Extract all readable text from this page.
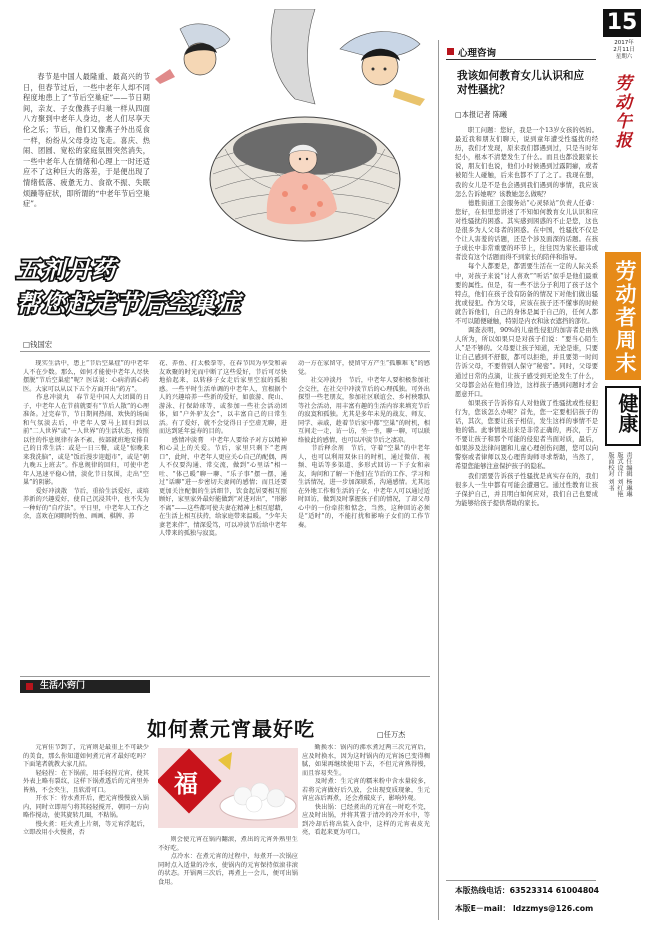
春节是中国人最隆重、最高兴的节日，但春节过后，一些中老年人却不同程度地患上了“节后空巢症”——节日期间，亲友、子女像燕子归巢一样从四面八方聚到中老年人身边，老人们尽享天伦之乐；节后，他们又像燕子外出觅食一样，纷纷从父母身边飞走。喜庆、热闹、团圆、宽松的家庭氛围突然消失，一些中老年人在情绪和心理上一时还适应不了这种巨大的落差，于是便出现了情绪低落、疲惫无力、食欲不振、失眠烦躁等症状，即所谓的“中老年节后空巢症”。
五剂丹药
帮您赶走节后空巢症
□钱国宏
现实生活中，患上“节后空巢症”的中老年人不在少数。那么，如何才能使中老年人尽快摆脱“节后空巢症”呢？医话说：心病消需心药医。大家可以从以下五个方面开出“药方”。
　　作息冲淡丸　春节是中国人大团圆的日子，中老年人在节前就要有“节后人散”的心理准备。过完春节，节日期间热闹、欢快的场面和气氛淡去后，中老年人要马上回归到以前“二人世界”或“一人世界”的生活状态，按照以往的作息规律有条不紊、按部就班地安排自己的日常生活：或是一日三餐，或是“惊晚来来我洗脑”，或是“饭后漫步迎超市”，或是“朝九晚五上班去”。作息规律的回归，可使中老年人迅速平稳心情，淡化节日氛围，走出“空巢”的阴影。
　　爱好冲淡散　节后，重拾生活爱好，或培养新的兴趣爱好，使自己沉浸其中，也不失为一种好的“自疗法”。平日里，中老年人工作之余，喜欢在闲暇时钓鱼、画画、棋牌、养
花、养鱼、打太极拳等，在春节因为享受和亲友欢聚的时光而中断了这些爱好，节后可尽快地拾起来，以转移子女走后家里空寂的孤独感。一些平时生活单调的中老年人，宜根据个人的兴趣培养一些新的爱好，如旅游、爬山、游泳、打保龄球等，或参加一些社会活动团体，如“户外驴友会”，以丰富自己的日常生活。有了爱好，就不会觉得日子空虚无聊，进而达到延年益寿的目的。
　　感情冲淡膏　中老年人要给予对方以精神和心灵上的关爱。节后，家里只剩下“老两口”，此时，中老年人更应关心自己的配偶，两人不仅要沟通、常交流，做到“心里话”相一吐、“体己暖”聊一聊、“乐子事”摆一摆，通过“话聊”进一步密切夫妻间的感情；而且还要更加关注配偶的生活细节，饮食起居要相互照顾好，家里家外最好能做到“对进对出”，“形影不离”——这些都可使夫妻在精神上相互慰藉，在生活上相互扶持，给家庭带来温暖。“少年夫妻老来伴”，情深爱笃，可以冲淡节后给中老年人带来的孤独与寂寞。
动一方在家留守，使留守方产生“孤雁难飞”的感觉。
　　社交冲淡丹　节后，中老年人要积极参加社会交往，在社交中冲淡节后的心理孤独。可外出探望一些老朋友，参加社区联谊会、乡村秧歌队等社会活动，用丰富有趣的生活内容来填充节后的寂寞和孤独。尤其是多年未见的战友、师友、同学、亲戚，趁着节后家中都“空巢”的时机，相互间走一走，访一访，坐一坐，聊一聊，可以联络彼此的感情，也可以冲淡节后之凄凉。
　　节后释余剂　节后，守着“空巢”的中老年人，也可以利用双休日的时机，通过微信、视频、电话等多渠道、多形式回访一下子女和亲友，询问和了解一下他们在节后的工作、学习和生活情况，进一步加深联系，沟通感情。尤其远在外地工作和生活的子女，中老年人可以通过适时回访，做到及时掌握孩子们的情况，了却父母心中的一份牵挂和惦念，当然，这种回访必须是“适时”的，不能打扰和影响子女们的工作节奏。
生活小窍门
如何煮元宵最好吃	□任万杰
元宵佳节到了，元宵则是最重上不可缺少的美食，那么你知道如何煮元宵才最好吃吗？下面笔者就教大家几招。
　　轻轻捏：在下锅前，用手轻捏元宵，使其外表上略有裂纹，这样下锅煮透后的元宵里外皆熟，不会夹生，且软滑可口。
　　开水下：待水煮开后，把元宵慢慢放入锅内，同时立即用勺将其轻轻搅开，朝同一方向略作搅动，使其旋转几圈，不粘锅。
　　慢火煮：旺火煮上片刻，等元宵浮起后，立即改用小火慢煮，否
福
则会使元宵在锅内翻滚，煮出的元宵外熟里生不好吃。
　　点冷水：在煮元宵的过程中，每煮开一次锅应同时点入适量的冷水，使锅内的元宵保持似滚非滚的状态。开锅两三次后，再煮上一会儿，便可出锅食用。
勤换水：锅内的沸水煮过两三次元宵后，应及时换水，因为这时锅内的元宵汤已变得稠腻，如果再继续使用下去，不但元宵熟得慢，而且容易夹生。
　　及时煮：生元宵的糯米粉中含水量较多，若将元宵做好后久放，会出现变质现象，生元宵应冻后再煮，还会煮破皮子，影响外观。
　　快出锅：已经煮出的元宵在一时吃不完，应及时出锅，并将其置于清冷的冷开水中，等到冷却后将出装入食中，这样的元宵表皮光亮，看起来更为可口。
心理咨询
我该如何教育女儿认识和应对性骚扰？
□本报记者 陈曦
　　职工问题：您好，我是一个13岁女孩的妈妈。最近我和朋友们聊天，说到童年遭受性骚扰的经历，我们才发现，原来我们都遇到过，只是当时年纪小，根本不清楚发生了什么。而且也都没跟家长说，朋友们也说，他们小时候遇到过露阴癖，或者被陌生人碰触，后来也都不了了之了。我现在想，我的女儿是不是也会遇到我们遇到的事情，我应该怎么告诉她呢？该教她怎么做呢？
　　德胜街道工会服务站“心灵驿站”负责人任睿：您好，在但里您讲述了不知如何教育女儿认识和应对性骚扰的困惑。其实感到困惑的不止是您，这也是很多为人父母者的困惑。在中国，性骚扰不仅是个让人害羞的话题，还是个涉及面深的话题。在孩子成长中非常重要的环节上，往往因为家长避讳或者没有这个话题而得不到家长的陪伴和指导。
　　每个人都要是，都需要生活在一定的人际关系中，对孩子来说“讨人喜欢”“听话”似乎是他们最重要的属性。但是，有一些不法分子利用了孩子这个特点，他们在孩子没有防备的情况下对他们做出骚扰或侵犯。作为父母，应该在孩子还不懂事的时候就告诉他们，自己的身体是属于自己的，任何人都不可以随便碰触，特别是内衣和泳衣遮挡的部位。
　　调查表明，90%的儿童性侵犯的加害者是由熟人所为，所以如果只是对孩子们说：“要当心陌生人”是不够的。父母要让孩子知道，无论是谁，只要让自己感到不舒服，都可以拒绝，并且要第一时间告诉父母，不要替别人保守“秘密”。同时，父母要通过日常的点滴，让孩子感受到无论发生了什么，父母都会站在他们身边，这样孩子遇到问题时才会愿意开口。
　　如果孩子告诉你有人对他做了性骚扰或性侵犯行为，您该怎么办呢？首先，您一定要相信孩子的话，其次，您要让孩子相信，发生这样的事情不是他的错。此事情说出来是非常正确的，再次，于万不要让孩子和那个可能的侵犯者当面对质，最后，如果涉及法律问题和儿童心理创伤问题，您可以向警察或者律师以及心理咨询师寻求帮助，当然了，希望您能够注意保护孩子的隐私。
　　我们需要告诉孩子性骚扰是真实存在的，我们很多人一生中都有可能会遭遇它。通过性教育让孩子保护自己，并且明白如何应对，我们自己也要成为能够给孩子提供帮助的家长。
本版热线电话：63523314 61004804
本版E－mail： ldzzmys@126.com
15
2017年
2月11日
星期六
劳动午报
劳动者周末
健康
责任编辑 杨琳琳
版式设计 刘红艳
版面校对 刘书
